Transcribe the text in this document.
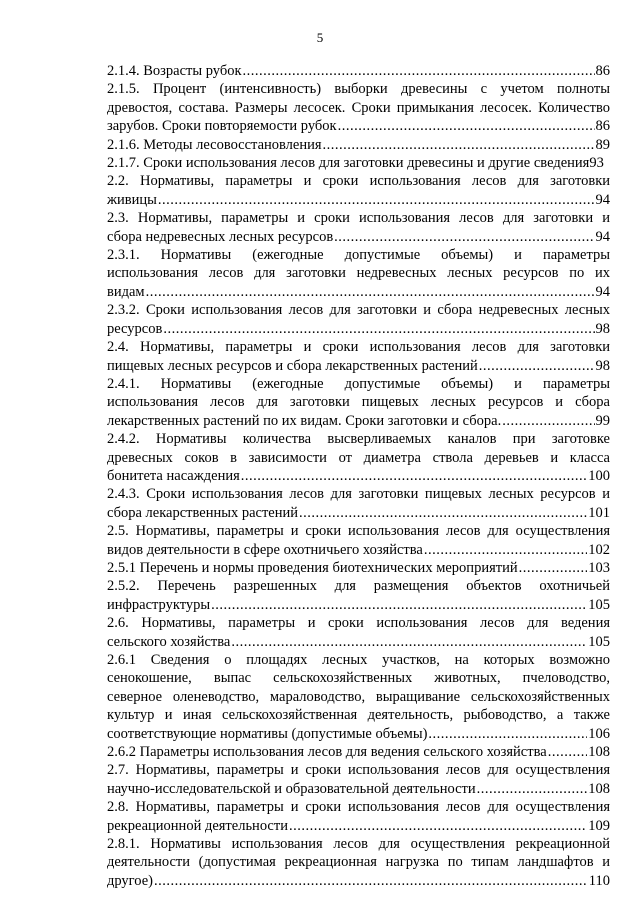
5
2.1.4. Возрасты рубок .....	86
2.1.5. Процент (интенсивность) выборки древесины с учетом полноты
древостоя, состава. Размеры лесосек. Сроки примыкания лесосек. Количество
зарубов. Сроки повторяемости рубок .....	86
2.1.6. Методы лесовосстановления .....	89
2.1.7. Сроки использования лесов для заготовки древесины и другие сведения 93
2.2. Нормативы, параметры и сроки использования лесов для заготовки
живицы .....	94
2.3. Нормативы, параметры и сроки использования лесов для заготовки и
сбора недревесных лесных ресурсов .....	94
2.3.1. Нормативы (ежегодные допустимые объемы) и параметры
использования лесов для заготовки недревесных лесных ресурсов по их
видам .....	94
2.3.2. Сроки использования лесов для заготовки и сбора недревесных лесных
ресурсов .....	98
2.4. Нормативы, параметры и сроки использования лесов для заготовки
пищевых лесных ресурсов и сбора лекарственных растений .....	98
2.4.1. Нормативы (ежегодные допустимые объемы) и параметры
использования лесов для заготовки пищевых лесных ресурсов и сбора
лекарственных растений по их видам. Сроки заготовки и сбора. .....	99
2.4.2. Нормативы количества высверливаемых каналов при заготовке
древесных соков в зависимости от диаметра ствола деревьев и класса
бонитета насаждения .....	100
2.4.3. Сроки использования лесов для заготовки пищевых лесных ресурсов и
сбора лекарственных растений .....	101
2.5. Нормативы, параметры и сроки использования лесов для осуществления
видов деятельности в сфере охотничьего хозяйства .....	102
2.5.1 Перечень и нормы проведения биотехнических мероприятий .....	103
2.5.2. Перечень разрешенных для размещения объектов охотничьей
инфраструктуры .....	105
2.6. Нормативы, параметры и сроки использования лесов для ведения
сельского хозяйства .....	105
2.6.1 Сведения о площадях лесных участков, на которых возможно
сенокошение, выпас сельскохозяйственных животных, пчеловодство,
северное оленеводство, мараловодство, выращивание сельскохозяйственных
культур и иная сельскохозяйственная деятельность, рыбоводство, а также
соответствующие нормативы (допустимые объемы) .....	106
2.6.2 Параметры использования лесов для ведения сельского хозяйства .....	108
2.7. Нормативы, параметры и сроки использования лесов для осуществления
научно-исследовательской и образовательной деятельности .....	108
2.8. Нормативы, параметры и сроки использования лесов для осуществления
рекреационной деятельности .....	109
2.8.1. Нормативы использования лесов для осуществления рекреационной
деятельности (допустимая рекреационная нагрузка по типам ландшафтов и
другое) .....	110
